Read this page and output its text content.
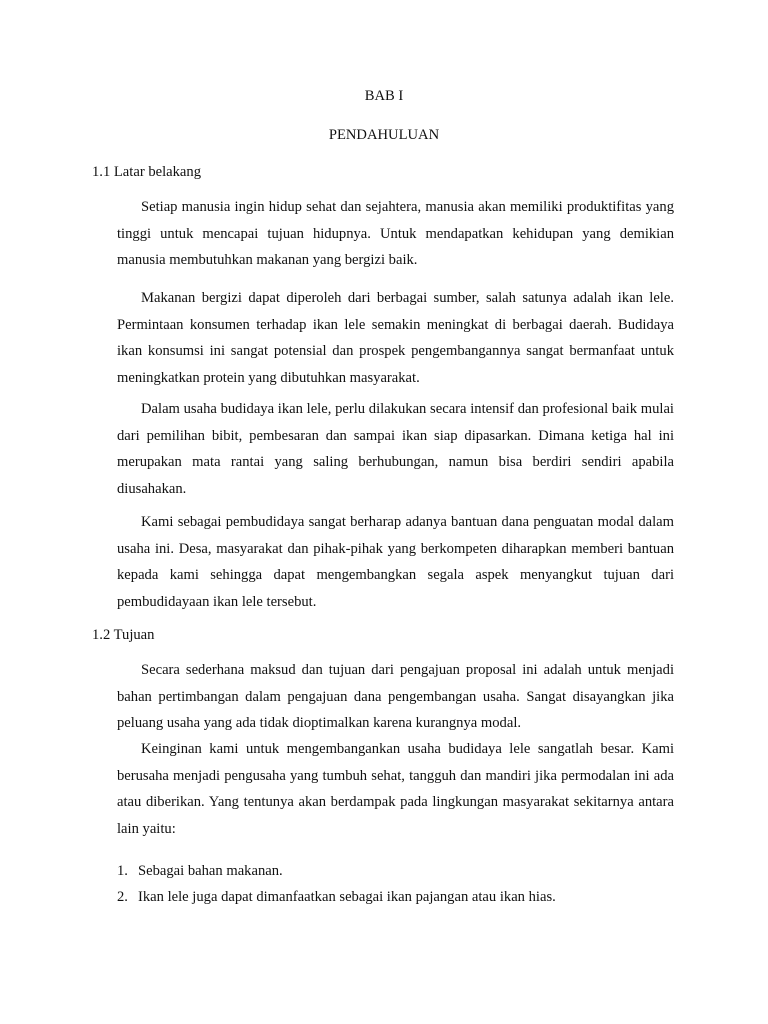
BAB I

PENDAHULUAN

1.1 Latar belakang

Setiap manusia ingin hidup sehat dan sejahtera, manusia akan memiliki produktifitas yang tinggi untuk mencapai tujuan hidupnya. Untuk mendapatkan kehidupan yang demikian manusia membutuhkan makanan yang bergizi baik.

Makanan bergizi dapat diperoleh dari berbagai sumber, salah satunya adalah ikan lele. Permintaan konsumen terhadap ikan lele semakin meningkat di berbagai daerah. Budidaya ikan konsumsi ini sangat potensial dan prospek pengembangannya sangat bermanfaat untuk meningkatkan protein yang dibutuhkan masyarakat.

Dalam usaha budidaya ikan lele, perlu dilakukan secara intensif dan profesional baik mulai dari pemilihan bibit, pembesaran dan sampai ikan siap dipasarkan. Dimana ketiga hal ini merupakan mata rantai yang saling berhubungan, namun bisa berdiri sendiri apabila diusahakan.

Kami sebagai pembudidaya sangat berharap adanya bantuan dana penguatan modal dalam usaha ini. Desa, masyarakat dan pihak-pihak yang berkompeten diharapkan memberi bantuan kepada kami sehingga dapat mengembangkan segala aspek menyangkut tujuan dari pembudidayaan ikan lele tersebut.

1.2 Tujuan

Secara sederhana maksud dan tujuan dari pengajuan proposal ini adalah untuk menjadi bahan pertimbangan dalam pengajuan dana pengembangan usaha. Sangat disayangkan jika peluang usaha yang ada tidak dioptimalkan karena kurangnya modal.

Keinginan kami untuk mengembangankan usaha budidaya lele sangatlah besar. Kami berusaha menjadi pengusaha yang tumbuh sehat, tangguh dan mandiri jika permodalan ini ada atau diberikan. Yang tentunya akan berdampak pada lingkungan masyarakat sekitarnya antara lain yaitu:

1. Sebagai bahan makanan.
2. Ikan lele juga dapat dimanfaatkan sebagai ikan pajangan atau ikan hias.
